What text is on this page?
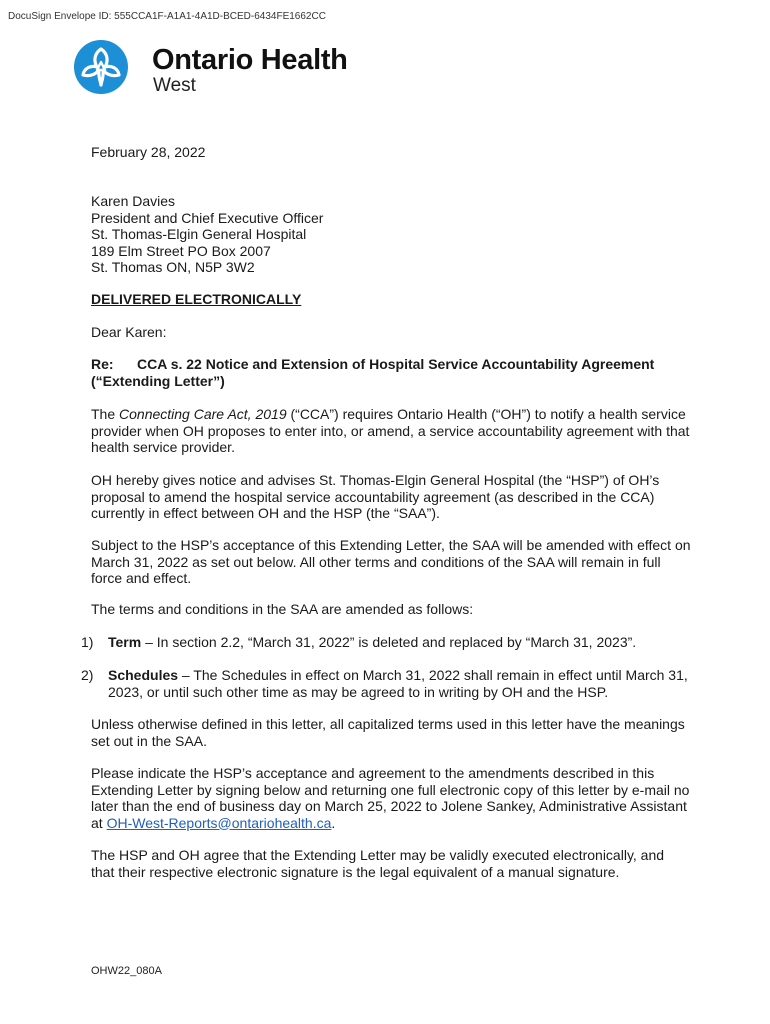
DocuSign Envelope ID: 555CCA1F-A1A1-4A1D-BCED-6434FE1662CC
Ontario Health
West
February 28, 2022
Karen Davies
President and Chief Executive Officer
St. Thomas-Elgin General Hospital
189 Elm Street PO Box 2007
St. Thomas ON, N5P 3W2
DELIVERED ELECTRONICALLY
Dear Karen:
Re: CCA s. 22 Notice and Extension of Hospital Service Accountability Agreement
(“Extending Letter”)
The Connecting Care Act, 2019 (“CCA”) requires Ontario Health (“OH”) to notify a health service provider when OH proposes to enter into, or amend, a service accountability agreement with that health service provider.
OH hereby gives notice and advises St. Thomas-Elgin General Hospital (the “HSP”) of OH’s proposal to amend the hospital service accountability agreement (as described in the CCA) currently in effect between OH and the HSP (the “SAA”).
Subject to the HSP’s acceptance of this Extending Letter, the SAA will be amended with effect on March 31, 2022 as set out below. All other terms and conditions of the SAA will remain in full force and effect.
The terms and conditions in the SAA are amended as follows:
1) Term – In section 2.2, “March 31, 2022” is deleted and replaced by “March 31, 2023”.
2) Schedules – The Schedules in effect on March 31, 2022 shall remain in effect until March 31, 2023, or until such other time as may be agreed to in writing by OH and the HSP.
Unless otherwise defined in this letter, all capitalized terms used in this letter have the meanings set out in the SAA.
Please indicate the HSP’s acceptance and agreement to the amendments described in this Extending Letter by signing below and returning one full electronic copy of this letter by e-mail no later than the end of business day on March 25, 2022 to Jolene Sankey, Administrative Assistant at OH-West-Reports@ontariohealth.ca.
The HSP and OH agree that the Extending Letter may be validly executed electronically, and that their respective electronic signature is the legal equivalent of a manual signature.
OHW22_080A
